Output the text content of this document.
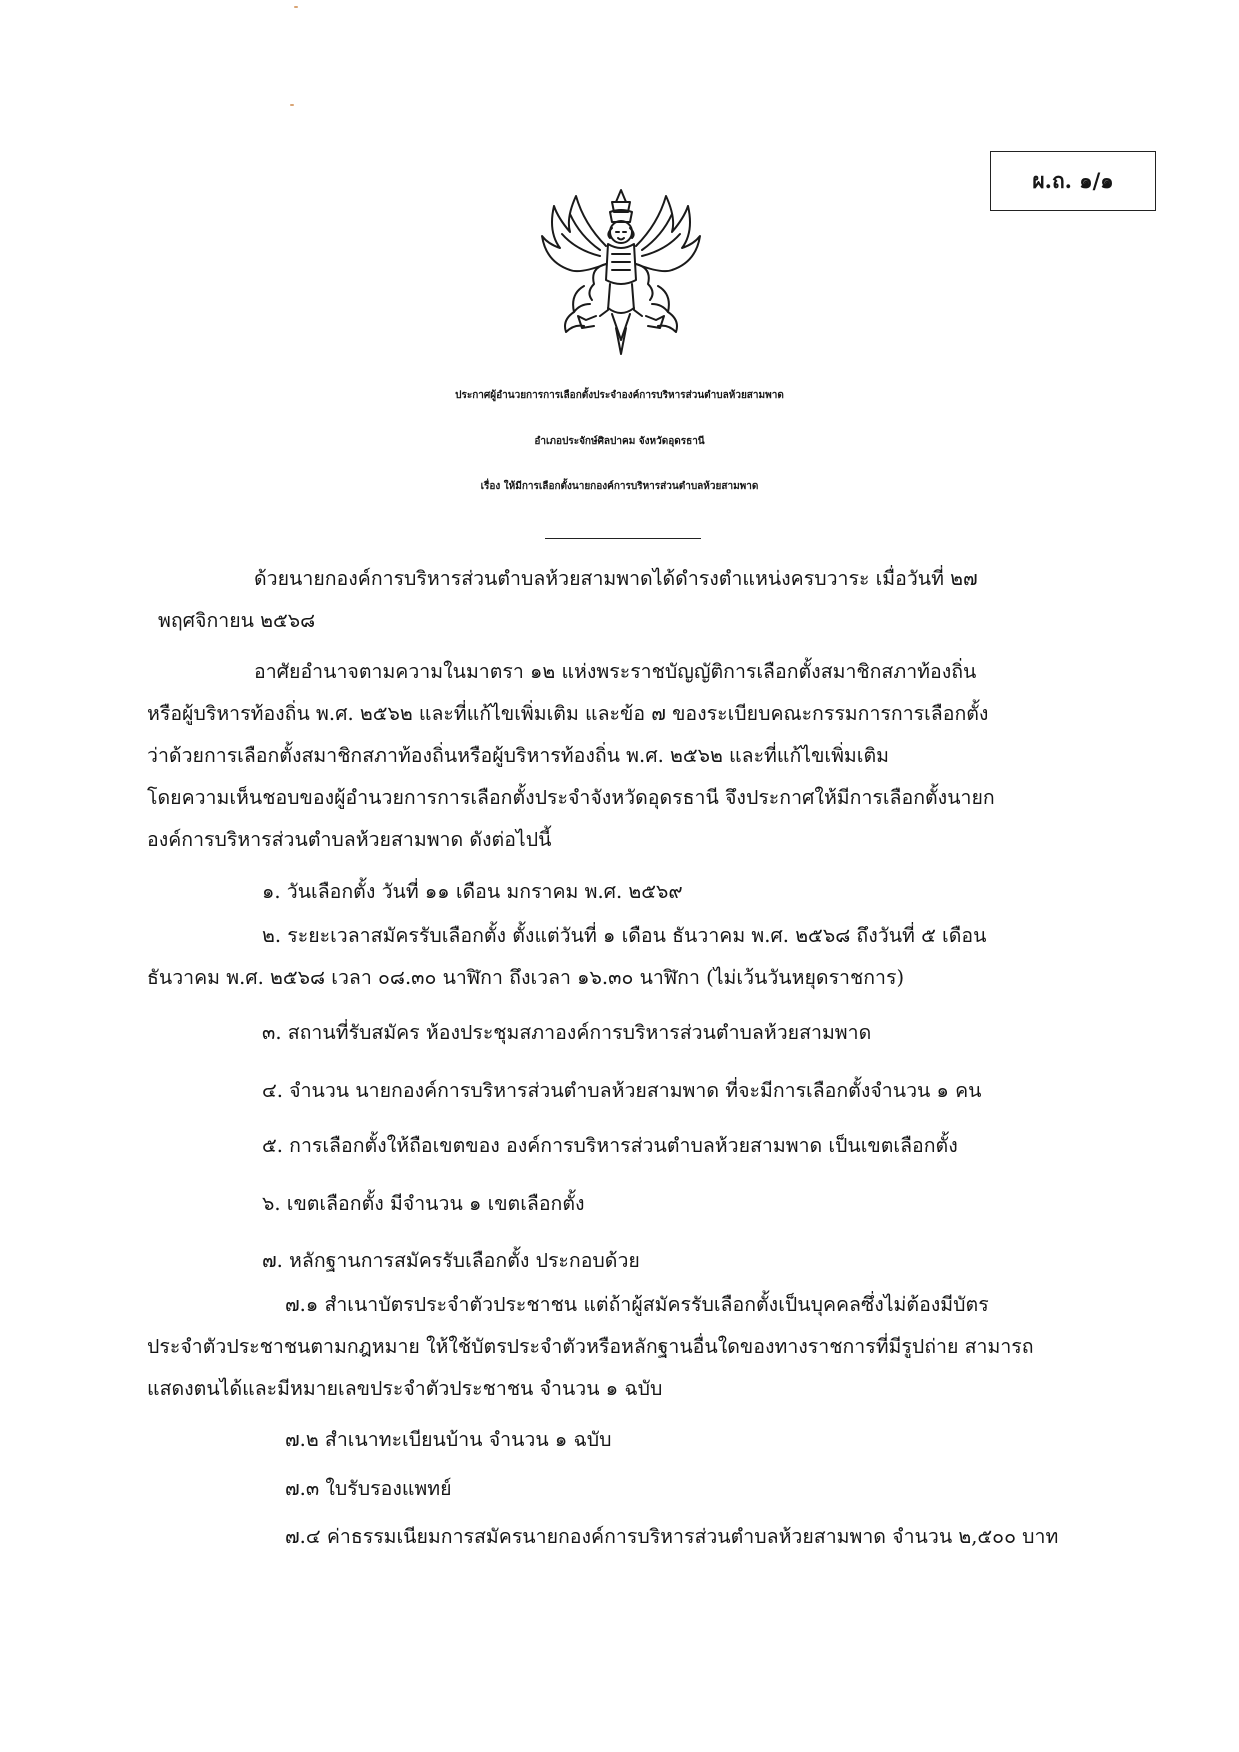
ผ.ถ. ๑/๑
ประกาศผู้อำนวยการการเลือกตั้งประจำองค์การบริหารส่วนตำบลห้วยสามพาด
อำเภอประจักษ์ศิลปาคม จังหวัดอุดรธานี
เรื่อง ให้มีการเลือกตั้งนายกองค์การบริหารส่วนตำบลห้วยสามพาด
ด้วยนายกองค์การบริหารส่วนตำบลห้วยสามพาดได้ดำรงตำแหน่งครบวาระ เมื่อวันที่ ๒๗
พฤศจิกายน ๒๕๖๘
อาศัยอำนาจตามความในมาตรา ๑๒ แห่งพระราชบัญญัติการเลือกตั้งสมาชิกสภาท้องถิ่น
หรือผู้บริหารท้องถิ่น พ.ศ. ๒๕๖๒ และที่แก้ไขเพิ่มเติม และข้อ ๗ ของระเบียบคณะกรรมการการเลือกตั้ง
ว่าด้วยการเลือกตั้งสมาชิกสภาท้องถิ่นหรือผู้บริหารท้องถิ่น พ.ศ. ๒๕๖๒ และที่แก้ไขเพิ่มเติม
โดยความเห็นชอบของผู้อำนวยการการเลือกตั้งประจำจังหวัดอุดรธานี จึงประกาศให้มีการเลือกตั้งนายก
องค์การบริหารส่วนตำบลห้วยสามพาด ดังต่อไปนี้
๑. วันเลือกตั้ง วันที่ ๑๑ เดือน มกราคม พ.ศ. ๒๕๖๙
๒. ระยะเวลาสมัครรับเลือกตั้ง ตั้งแต่วันที่ ๑ เดือน ธันวาคม พ.ศ. ๒๕๖๘ ถึงวันที่ ๕ เดือน
ธันวาคม พ.ศ. ๒๕๖๘ เวลา ๐๘.๓๐ นาฬิกา ถึงเวลา ๑๖.๓๐ นาฬิกา (ไม่เว้นวันหยุดราชการ)
๓. สถานที่รับสมัคร ห้องประชุมสภาองค์การบริหารส่วนตำบลห้วยสามพาด
๔. จำนวน นายกองค์การบริหารส่วนตำบลห้วยสามพาด ที่จะมีการเลือกตั้งจำนวน ๑ คน
๕. การเลือกตั้งให้ถือเขตของ องค์การบริหารส่วนตำบลห้วยสามพาด เป็นเขตเลือกตั้ง
๖. เขตเลือกตั้ง มีจำนวน ๑ เขตเลือกตั้ง
๗. หลักฐานการสมัครรับเลือกตั้ง ประกอบด้วย
๗.๑ สำเนาบัตรประจำตัวประชาชน แต่ถ้าผู้สมัครรับเลือกตั้งเป็นบุคคลซึ่งไม่ต้องมีบัตร
ประจำตัวประชาชนตามกฎหมาย ให้ใช้บัตรประจำตัวหรือหลักฐานอื่นใดของทางราชการที่มีรูปถ่าย สามารถ
แสดงตนได้และมีหมายเลขประจำตัวประชาชน จำนวน ๑ ฉบับ
๗.๒ สำเนาทะเบียนบ้าน จำนวน ๑ ฉบับ
๗.๓ ใบรับรองแพทย์
๗.๔ ค่าธรรมเนียมการสมัครนายกองค์การบริหารส่วนตำบลห้วยสามพาด จำนวน ๒,๕๐๐ บาท
